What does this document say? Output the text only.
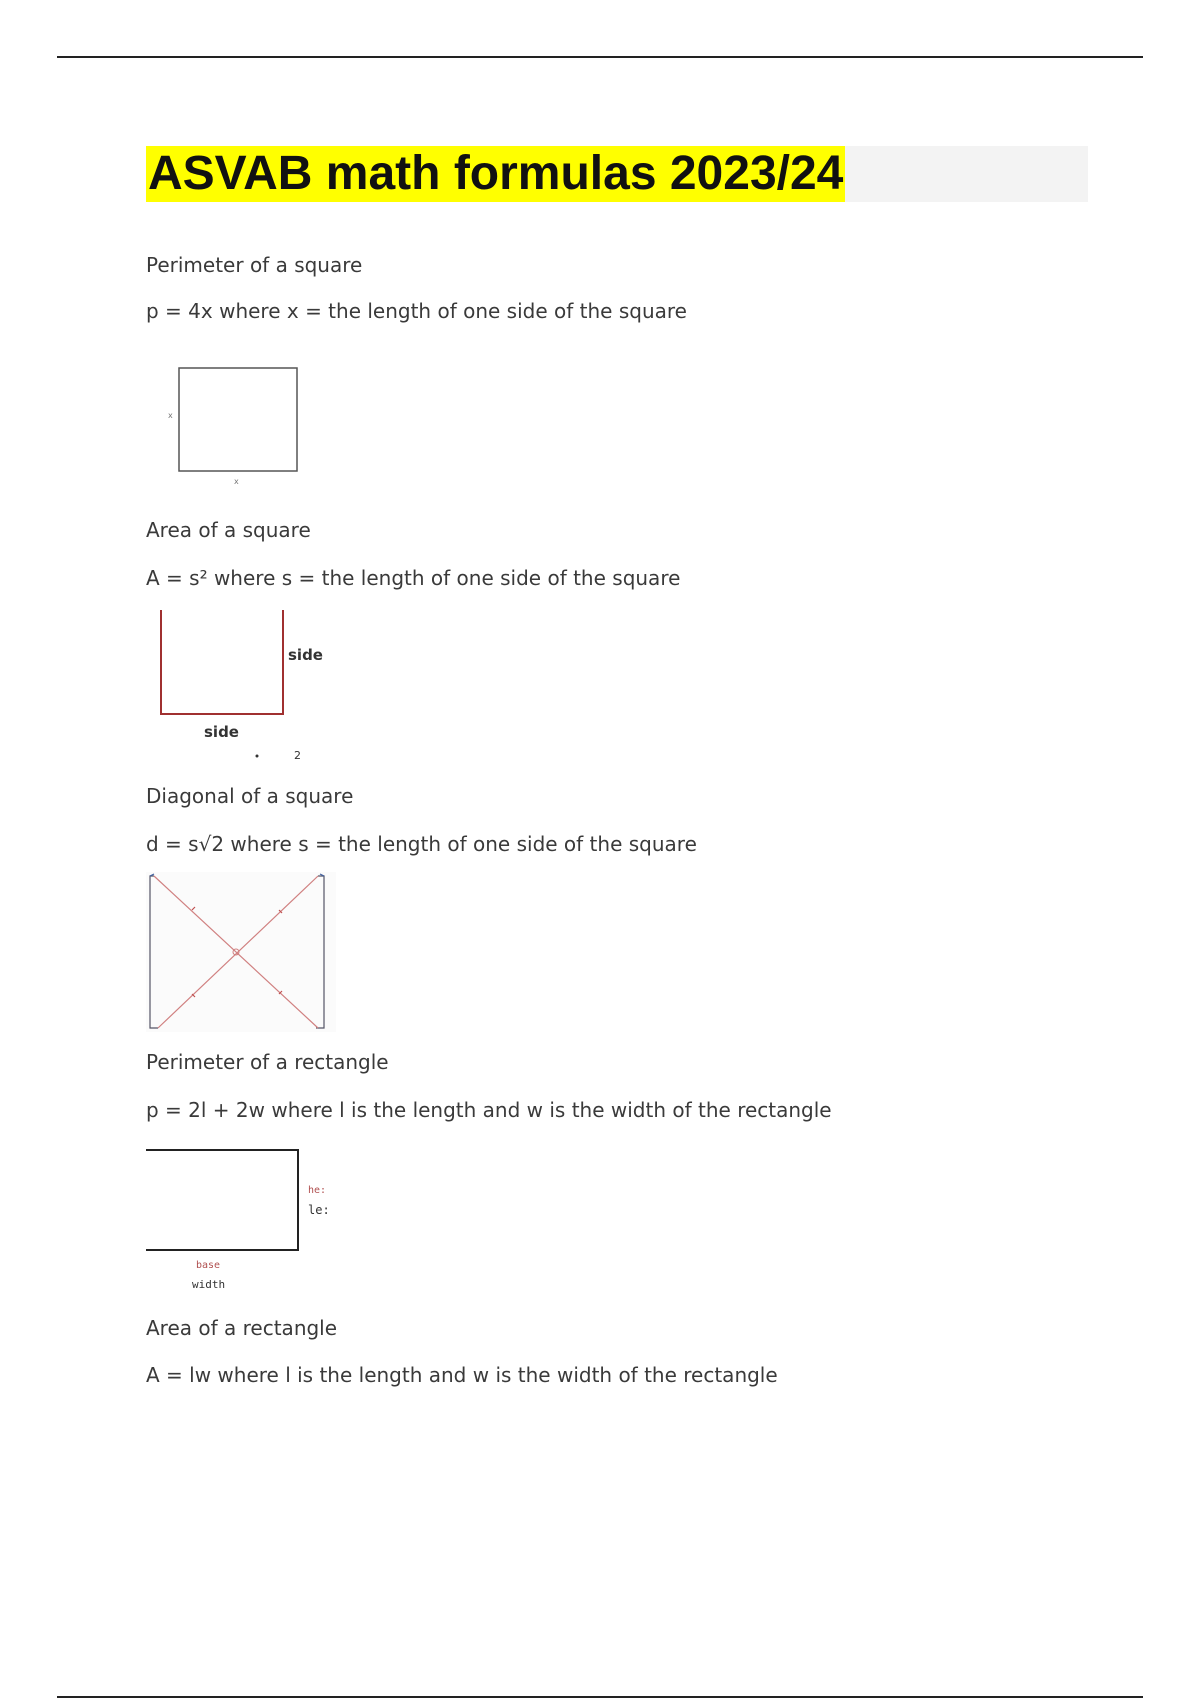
ASVAB math formulas 2023/24

Perimeter of a square

p = 4x where x = the length of one side of the square

x
x

Area of a square

A = s² where s = the length of one side of the square

side
side
2

Diagonal of a square

d = s√2 where s = the length of one side of the square

Perimeter of a rectangle

p = 2l + 2w where l is the length and w is the width of the rectangle

he:
le:
base
width

Area of a rectangle

A = lw where l is the length and w is the width of the rectangle
